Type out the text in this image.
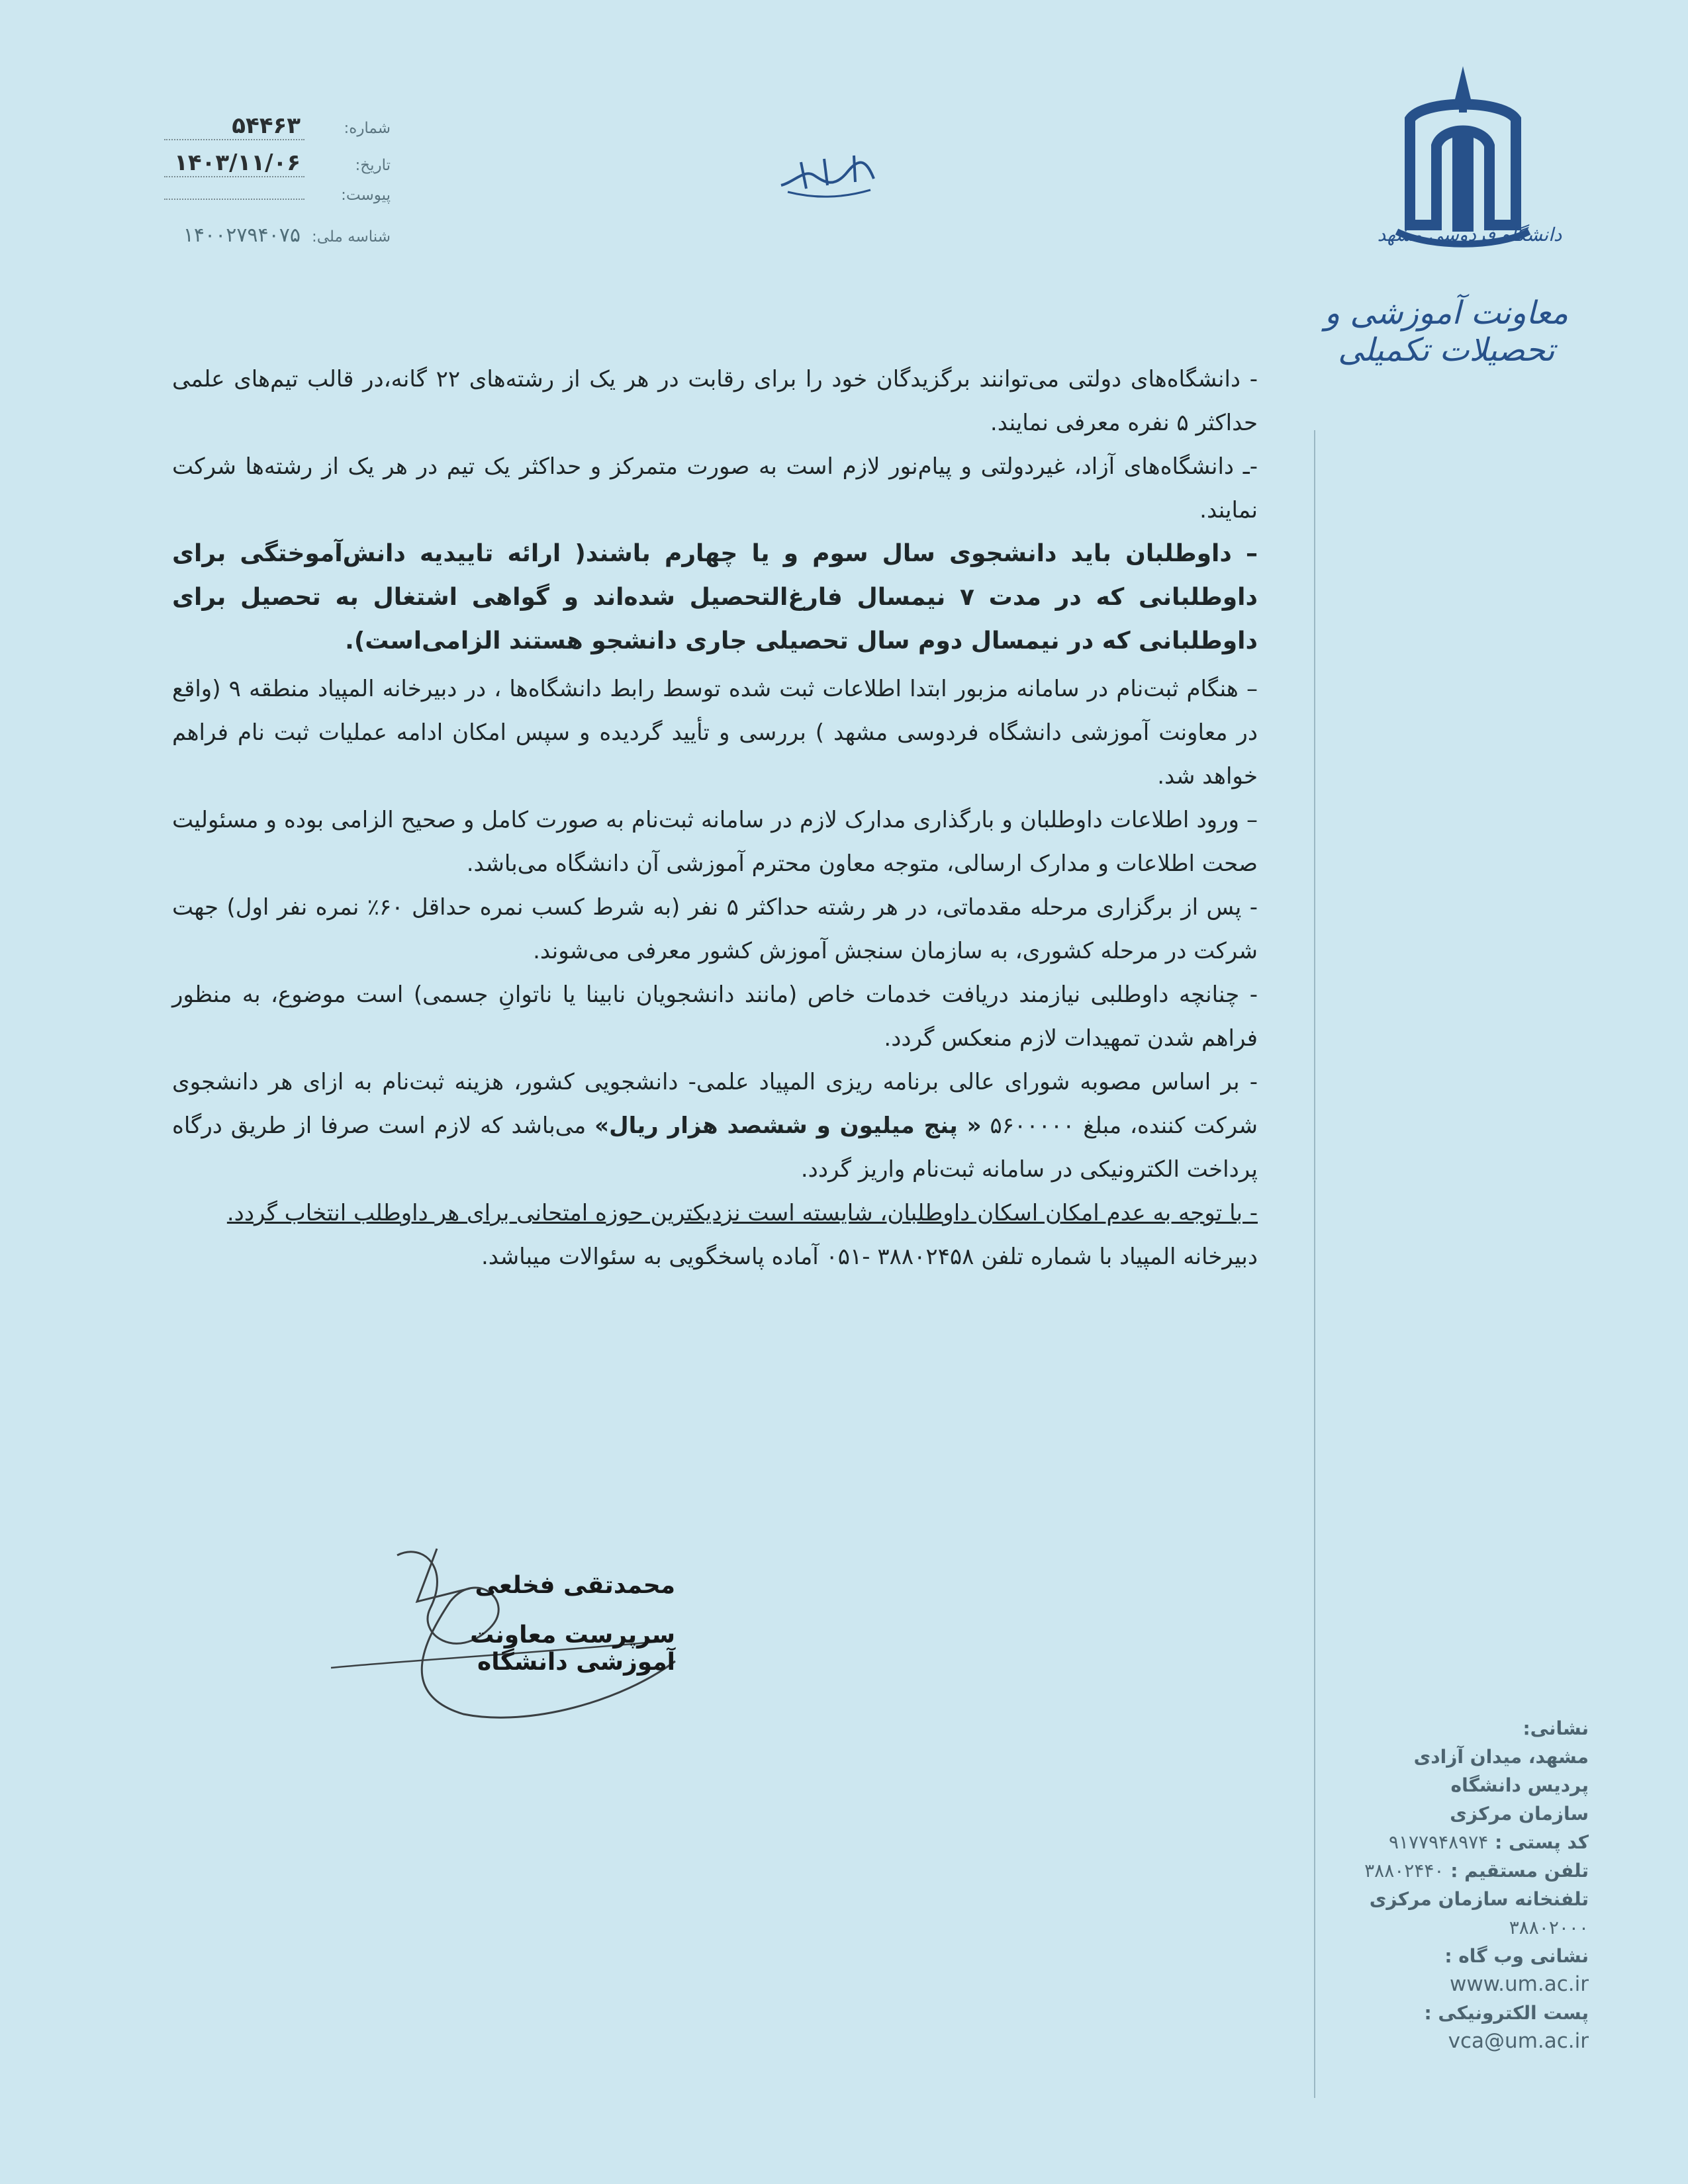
شماره:
۵۴۴۶۳
تاریخ:
۱۴۰۳/۱۱/۰۶
پیوست:
شناسه ملی:
۱۴۰۰۲۷۹۴۰۷۵	دانشگاه فردوسی مشهد
معاونت آموزشی و تحصیلات تکمیلی

- دانشگاه‌های دولتی می‌توانند برگزیدگان خود را برای رقابت در هر یک از رشته‌های ۲۲ گانه،در قالب تیم‌های علمی حداکثر ۵ نفره معرفی نمایند.

-ـ دانشگاه‌های آزاد، غیردولتی و پیام‌نور لازم است به صورت متمرکز و حداکثر یک تیم در هر یک از رشته‌ها شرکت نمایند.

– داوطلبان باید دانشجوی سال سوم و یا چهارم باشند( ارائه تاییدیه دانش‌آموختگی برای داوطلبانی که در مدت ۷ نیمسال فارغ‌التحصیل شده‌اند و گواهی اشتغال به تحصیل برای داوطلبانی که در نیمسال دوم سال تحصیلی جاری دانشجو هستند الزامی‌است).

– هنگام ثبت‌نام در سامانه مزبور ابتدا اطلاعات ثبت شده توسط رابط دانشگاه‌ها ، در دبیرخانه المپیاد منطقه ۹ (واقع در معاونت آموزشی دانشگاه فردوسی مشهد ) بررسی و تأیید گردیده و سپس امکان ادامه عملیات ثبت نام فراهم خواهد شد.

– ورود اطلاعات داوطلبان و بارگذاری مدارک لازم در سامانه ثبت‌نام به صورت کامل و صحیح الزامی بوده و مسئولیت صحت اطلاعات و مدارک ارسالی، متوجه معاون محترم آموزشی آن دانشگاه می‌باشد.

- پس از برگزاری مرحله مقدماتی، در هر رشته حداکثر ۵ نفر (به شرط کسب نمره حداقل ۶۰٪ نمره نفر اول) جهت شرکت در مرحله کشوری، به سازمان سنجش آموزش کشور معرفی می‌شوند.

- چنانچه داوطلبی نیازمند دریافت خدمات خاص (مانند دانشجویان نابینا یا ناتوانِ جسمی) است موضوع، به منظور فراهم شدن تمهیدات لازم منعکس گردد.

- بر اساس مصوبه شورای عالی برنامه ریزی المپیاد علمی- دانشجویی کشور، هزینه ثبت‌نام به ازای هر دانشجوی شرکت کننده، مبلغ ۵۶۰۰۰۰۰ « پنج میلیون و ششصد هزار ریال» می‌باشد که لازم است صرفا از طریق درگاه پرداخت الکترونیکی در سامانه ثبت‌نام واریز گردد.

- با توجه به عدم امکان اسکان داوطلبان، شایسته است نزدیکترین حوزه امتحانی برای هر داوطلب انتخاب گردد.

دبیرخانه المپیاد با شماره تلفن ۳۸۸۰۲۴۵۸ -۰۵۱ آماده پاسخگویی به سئوالات میباشد.

محمدتقی فخلعی
سرپرست معاونت آموزشی دانشگاه
نشانی:
مشهد، میدان آزادی
پردیس دانشگاه
سازمان مرکزی
کد پستی : ۹۱۷۷۹۴۸۹۷۴
تلفن مستقیم : ۳۸۸۰۲۴۴۰
تلفنخانه سازمان مرکزی
۳۸۸۰۲۰۰۰
نشانی وب گاه :
www.um.ac.ir
پست الکترونیکی :
vca@um.ac.ir
